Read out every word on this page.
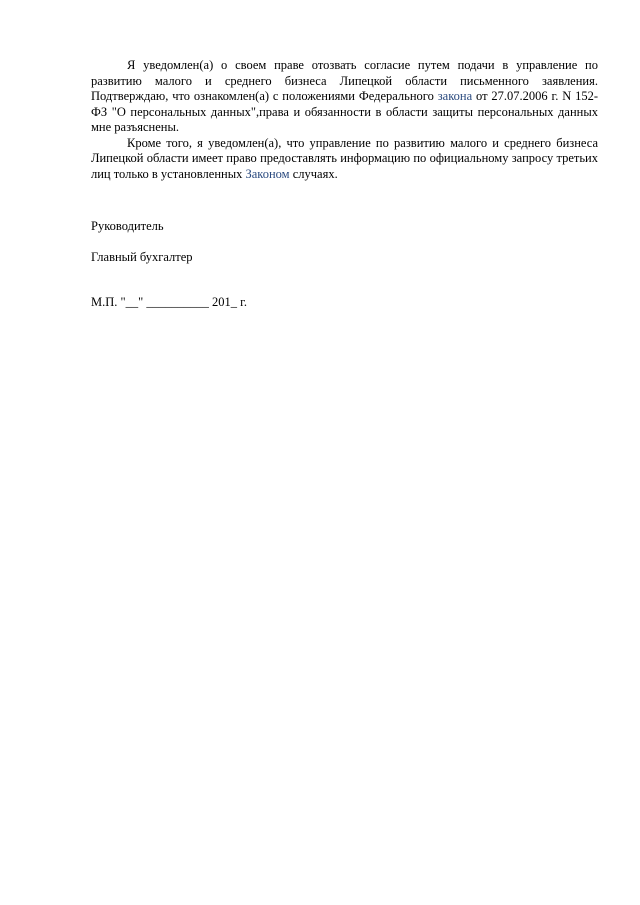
Я уведомлен(а) о своем праве отозвать согласие путем подачи в управление по развитию малого и среднего бизнеса Липецкой области письменного заявления. Подтверждаю, что ознакомлен(а) с положениями Федерального закона от 27.07.2006 г. N 152-ФЗ "О персональных данных",права и обязанности в области защиты персональных данных мне разъяснены.

Кроме того, я уведомлен(а), что управление по развитию малого и среднего бизнеса Липецкой области имеет право предоставлять информацию по официальному запросу третьих лиц только в установленных Законом случаях.

Руководитель

Главный бухгалтер

М.П. "__" __________ 201_ г.
